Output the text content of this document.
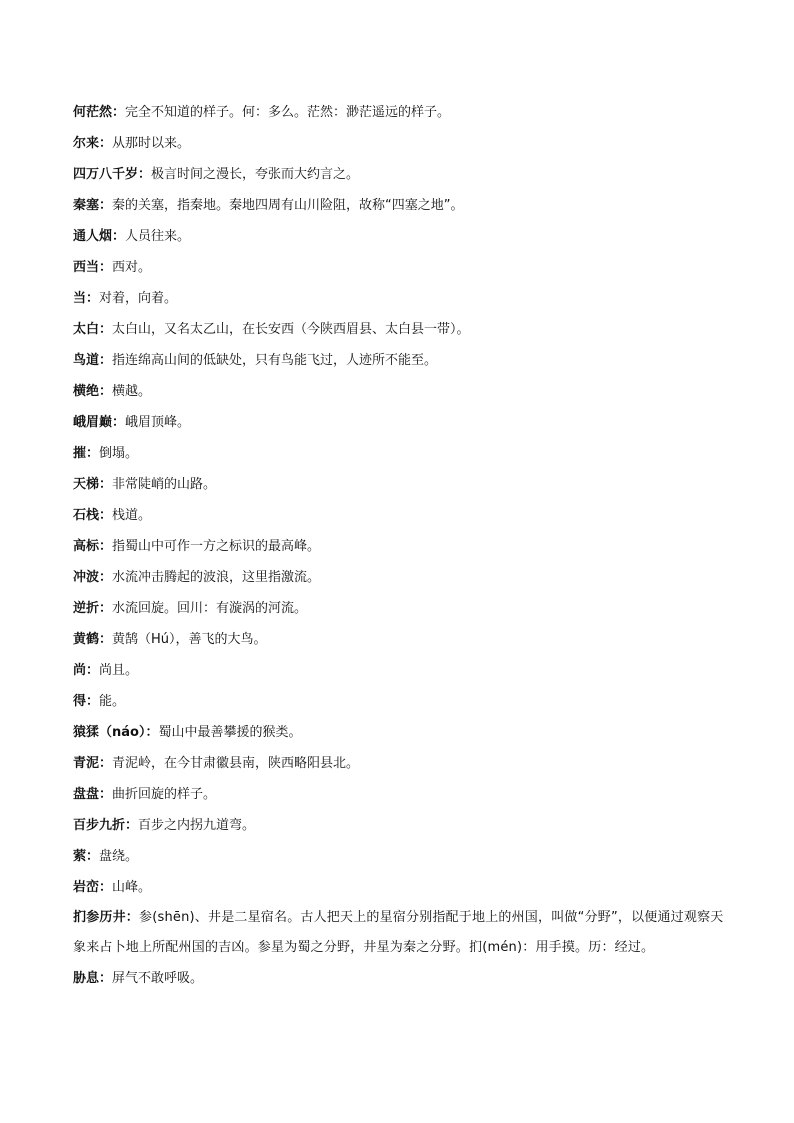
何茫然：完全不知道的样子。何：多么。茫然：渺茫遥远的样子。
尔来：从那时以来。
四万八千岁：极言时间之漫长，夸张而大约言之。
秦塞：秦的关塞，指秦地。秦地四周有山川险阻，故称“四塞之地”。
通人烟：人员往来。
西当：西对。
当：对着，向着。
太白：太白山，又名太乙山，在长安西（今陕西眉县、太白县一带）。
鸟道：指连绵高山间的低缺处，只有鸟能飞过，人迹所不能至。
横绝：横越。
峨眉巅：峨眉顶峰。
摧：倒塌。
天梯：非常陡峭的山路。
石栈：栈道。
高标：指蜀山中可作一方之标识的最高峰。
冲波：水流冲击腾起的波浪，这里指激流。
逆折：水流回旋。回川：有漩涡的河流。
黄鹤：黄鹄（Hú），善飞的大鸟。
尚：尚且。
得：能。
猿猱（náo）：蜀山中最善攀援的猴类。
青泥：青泥岭，在今甘肃徽县南，陕西略阳县北。
盘盘：曲折回旋的样子。
百步九折：百步之内拐九道弯。
萦：盘绕。
岩峦：山峰。
扪参历井：参(shēn)、井是二星宿名。古人把天上的星宿分别指配于地上的州国，叫做“分野”，以便通过观察天象来占卜地上所配州国的吉凶。参星为蜀之分野，井星为秦之分野。扪(mén)：用手摸。历：经过。
胁息：屏气不敢呼吸。
